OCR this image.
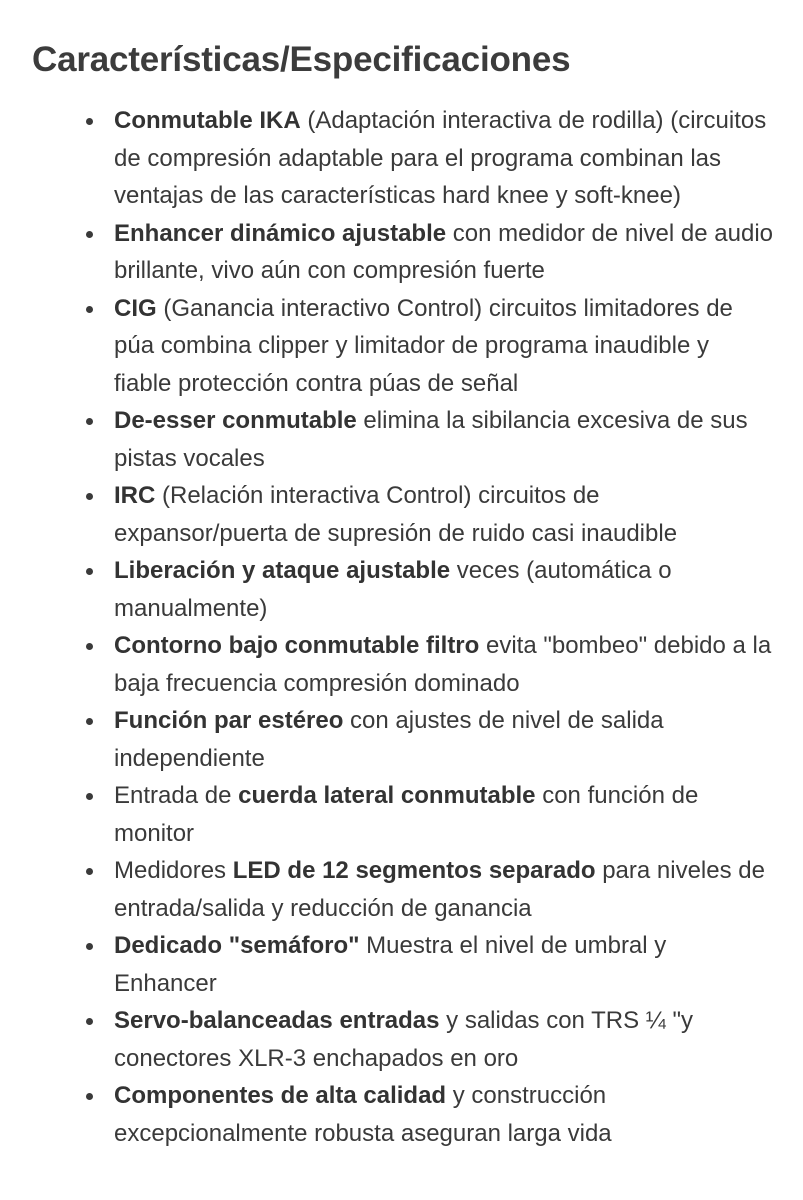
Características/Especificaciones
Conmutable IKA (Adaptación interactiva de rodilla) (circuitos de compresión adaptable para el programa combinan las ventajas de las características hard knee y soft-knee)
Enhancer dinámico ajustable con medidor de nivel de audio brillante, vivo aún con compresión fuerte
CIG (Ganancia interactivo Control) circuitos limitadores de púa combina clipper y limitador de programa inaudible y fiable protección contra púas de señal
De-esser conmutable elimina la sibilancia excesiva de sus pistas vocales
IRC (Relación interactiva Control) circuitos de expansor/puerta de supresión de ruido casi inaudible
Liberación y ataque ajustable veces (automática o manualmente)
Contorno bajo conmutable filtro evita "bombeo" debido a la baja frecuencia compresión dominado
Función par estéreo con ajustes de nivel de salida independiente
Entrada de cuerda lateral conmutable con función de monitor
Medidores LED de 12 segmentos separado para niveles de entrada/salida y reducción de ganancia
Dedicado "semáforo" Muestra el nivel de umbral y Enhancer
Servo-balanceadas entradas y salidas con TRS ¼ "y conectores XLR-3 enchapados en oro
Componentes de alta calidad y construcción excepcionalmente robusta aseguran larga vida
